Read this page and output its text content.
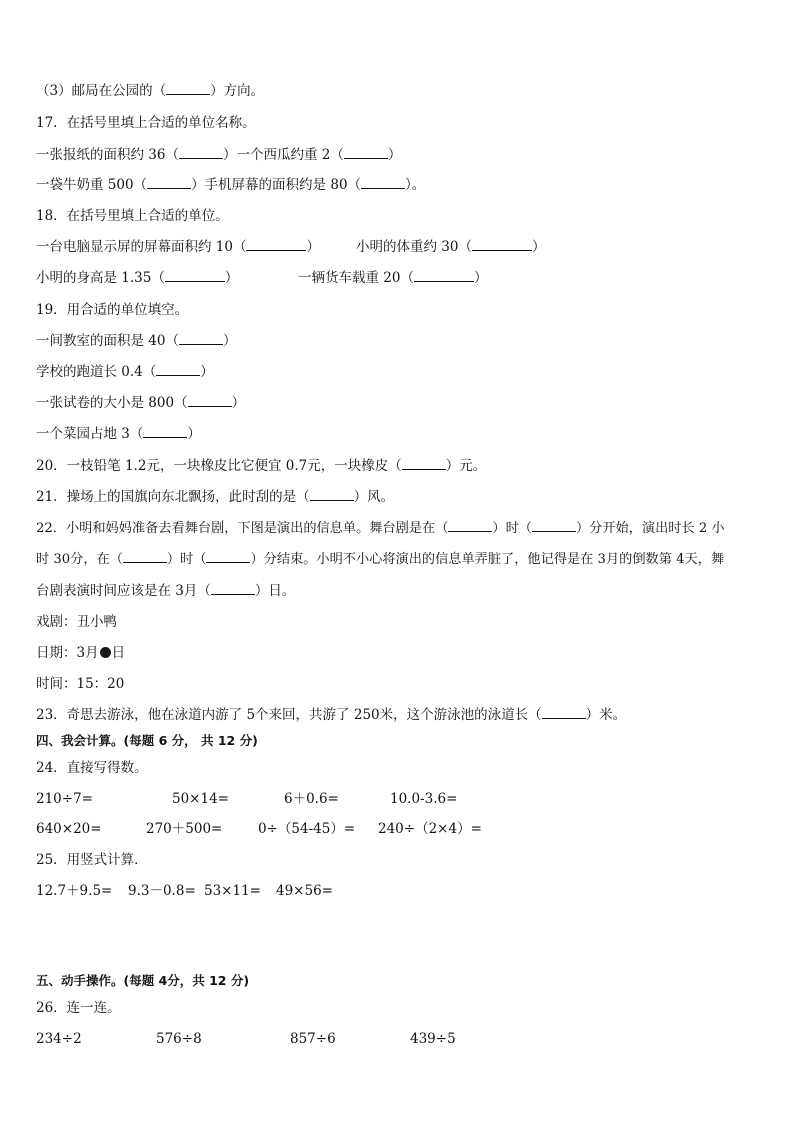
（3）邮局在公园的（	）方向。
17．在括号里填上合适的单位名称。
一张报纸的面积约 36（	）一个西瓜约重 2（	）
一袋牛奶重 500（	）手机屏幕的面积约是 80（	）。
18．在括号里填上合适的单位。
一台电脑显示屏的屏幕面积约 10（	）	小明的体重约 30（	）
小明的身高是 1.35（	）	一辆货车载重 20（	）
19．用合适的单位填空。
一间教室的面积是 40（	）
学校的跑道长 0.4（	）
一张试卷的大小是 800（	）
一个菜园占地 3（	）
20．一枝铅笔 1.2元，一块橡皮比它便宜 0.7元，一块橡皮（	）元。
21．操场上的国旗向东北飘扬，此时刮的是（	）风。
22．小明和妈妈准备去看舞台剧，下图是演出的信息单。舞台剧是在（	）时（	）分开始，演出时长 2 小
时 30分，在（	）时（	）分结束。小明不小心将演出的信息单弄脏了，他记得是在 3月的倒数第 4天，舞
台剧表演时间应该是在 3月（	）日。
戏剧：丑小鸭
日期：3月 日
时间：15：20
23．奇思去游泳，他在泳道内游了 5个来回，共游了 250米，这个游泳池的泳道长（	）米。
四、我会计算。(每题 6 分， 共 12 分)
24．直接写得数。
210÷7=	50×14=	6＋0.6=	10.0-3.6=
640×20=	270＋500=	0÷（54-45）= 240÷（2×4）=
25．用竖式计算．
12.7＋9.5= 9.3－0.8= 53×11= 49×56=
五、动手操作。(每题 4分，共 12 分)
26．连一连。
234÷2	576÷8	857÷6	439÷5
